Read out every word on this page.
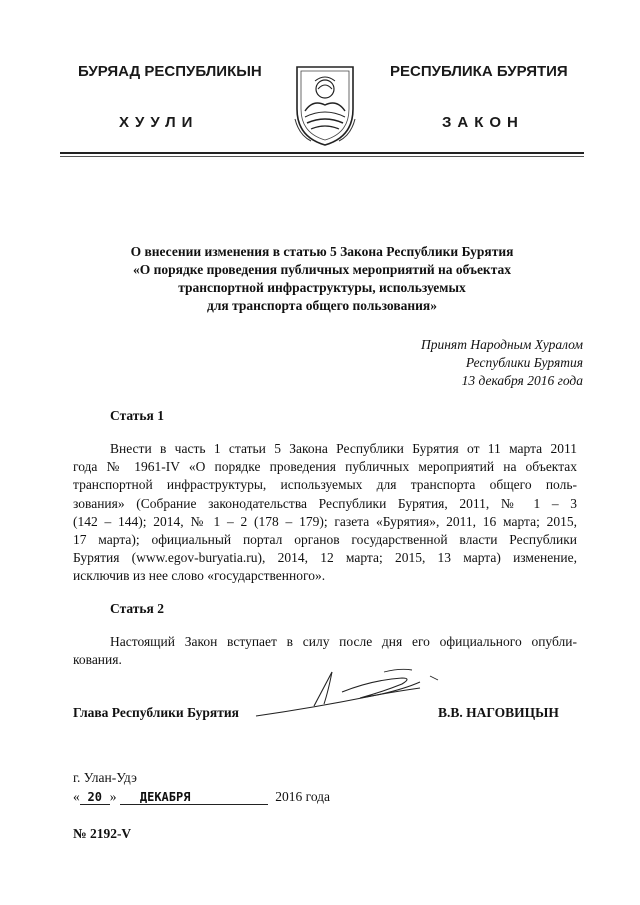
БУРЯАД РЕСПУБЛИКЫН
ХУУЛИ
РЕСПУБЛИКА БУРЯТИЯ
ЗАКОН
О внесении изменения в статью 5 Закона Республики Бурятия
«О порядке проведения публичных мероприятий на объектах
транспортной инфраструктуры, используемых
для транспорта общего пользования»
Принят Народным Хуралом
Республики Бурятия
13 декабря 2016 года
Статья 1
Внести в часть 1 статьи 5 Закона Республики Бурятия от 11 марта 2011
года № 1961-IV «О порядке проведения публичных мероприятий на объектах
транспортной инфраструктуры, используемых для транспорта общего поль-
зования» (Собрание законодательства Республики Бурятия, 2011, № 1 – 3
(142 – 144); 2014, № 1 – 2 (178 – 179); газета «Бурятия», 2011, 16 марта; 2015,
17 марта); официальный портал органов государственной власти Республики
Бурятия (www.egov-buryatia.ru), 2014, 12 марта; 2015, 13 марта) изменение,
исключив из нее слово «государственного».
Статья 2
Настоящий Закон вступает в силу после дня его официального опубли-
кования.
Глава Республики Бурятия	В.В. НАГОВИЦЫН
г. Улан-Удэ
« 20 » ДЕКАБРЯ	2016 года
№ 2192-V
